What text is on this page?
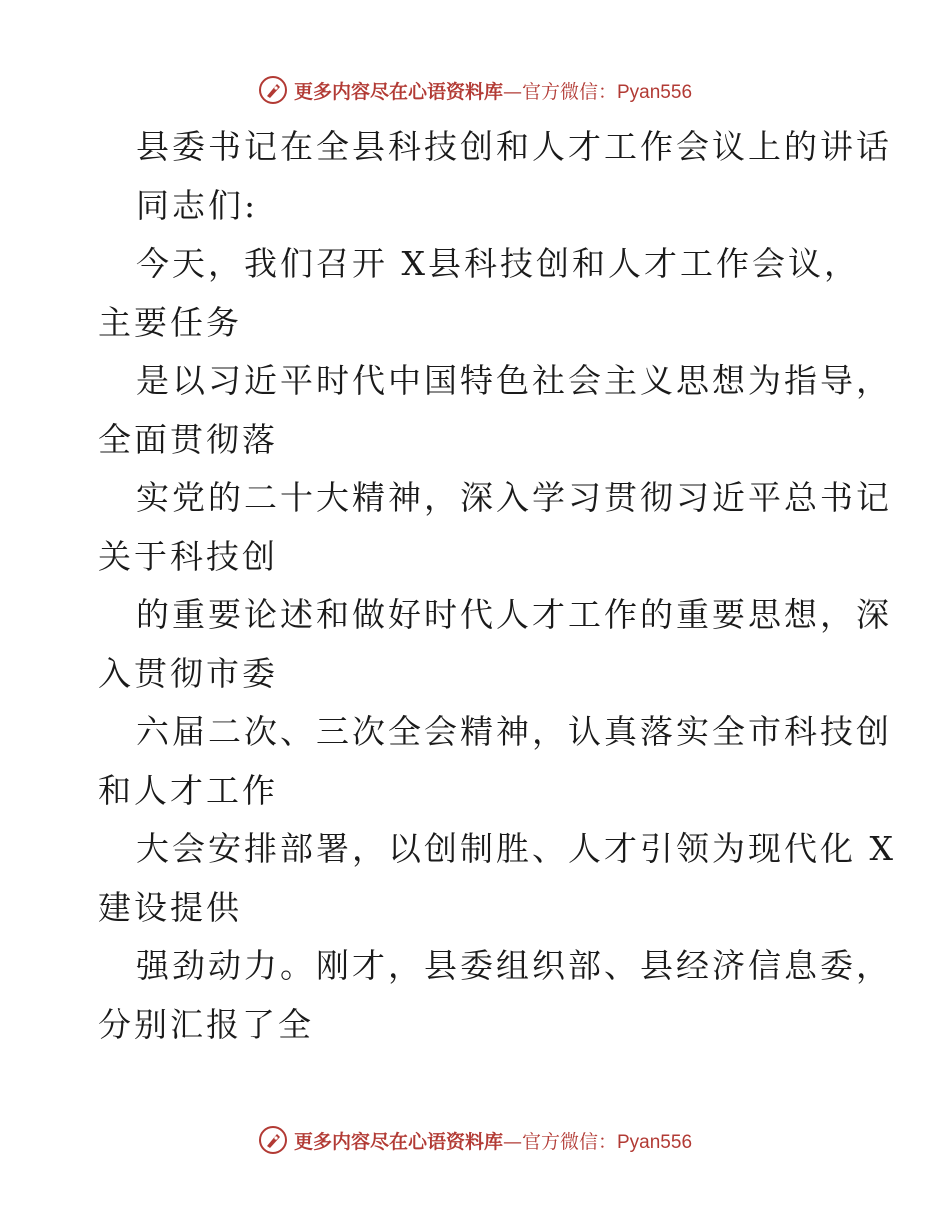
更多内容尽在心语资料库—官方微信：Pyan556
县委书记在全县科技创和人才工作会议上的讲话
同志们:
今天，我们召开 X县科技创和人才工作会议，
主要任务
是以习近平时代中国特色社会主义思想为指导，
全面贯彻落
实党的二十大精神，深入学习贯彻习近平总书记
关于科技创
的重要论述和做好时代人才工作的重要思想，深
入贯彻市委
六届二次、三次全会精神，认真落实全市科技创
和人才工作
大会安排部署，以创制胜、人才引领为现代化 X
建设提供
强劲动力。刚才，县委组织部、县经济信息委，
分别汇报了全
更多内容尽在心语资料库—官方微信：Pyan556
